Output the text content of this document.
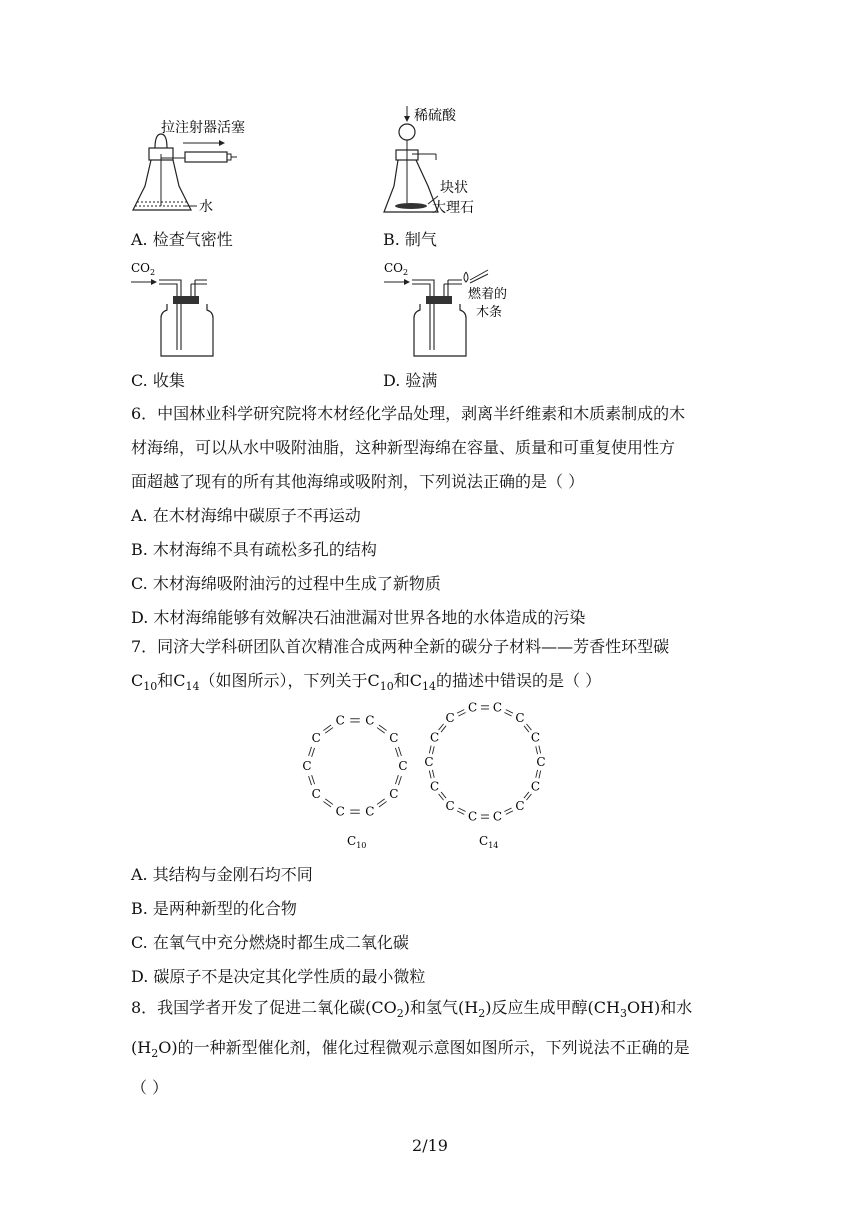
拉注射器活塞
水
A. 检查气密性
稀硫酸
块状
大理石
B. 制气
$CO_2$
C. 收集
$CO_2$
燃着的
木条
D. 验满
6．中国林业科学研究院将木材经化学品处理，剥离半纤维素和木质素制成的木
材海绵，可以从水中吸附油脂，这种新型海绵在容量、质量和可重复使用性方
面超越了现有的所有其他海绵或吸附剂，下列说法正确的是（ ）
A. 在木材海绵中碳原子不再运动
B. 木材海绵不具有疏松多孔的结构
C. 木材海绵吸附油污的过程中生成了新物质
D. 木材海绵能够有效解决石油泄漏对世界各地的水体造成的污染
7．同济大学科研团队首次精准合成两种全新的碳分子材料——芳香性环型碳
$C_{10}$和$C_{14}$（如图所示），下列关于$C_{10}$和$C_{14}$的描述中错误的是（ ）
C
C
C
C
C
C
C
C
C
C
C
C
C
C
C
C
C
C
C
C
C
C
C
C
$C_{10}$	$C_{14}$
A. 其结构与金刚石均不同
B. 是两种新型的化合物
C. 在氧气中充分燃烧时都生成二氧化碳
D. 碳原子不是决定其化学性质的最小微粒
8．我国学者开发了促进二氧化碳$(CO_2)$和氢气$(H_2)$反应生成甲醇$(CH_3OH)$和水
$(H_2O)$的一种新型催化剂，催化过程微观示意图如图所示，下列说法不正确的是
（ ）
2/19
